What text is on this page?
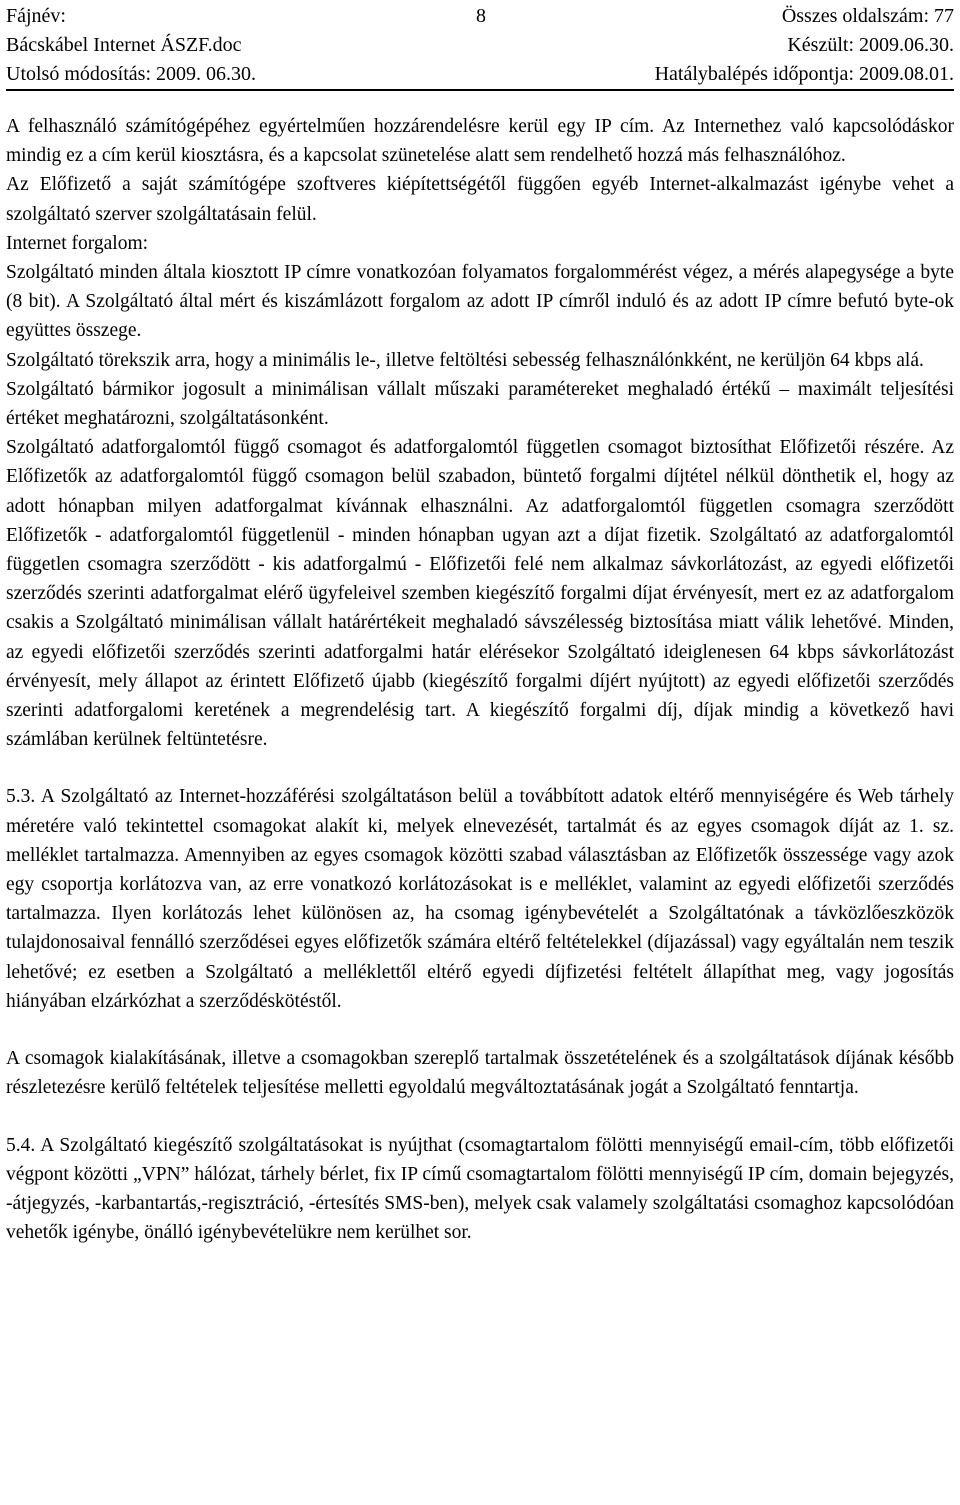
Fájnév:	8	Összes oldalszám: 77
Bácskábel Internet ÁSZF.doc	Készült: 2009.06.30.
Utolsó módosítás: 2009. 06.30.	Hatálybalépés időpontja: 2009.08.01.

A felhasználó számítógépéhez egyértelműen hozzárendelésre kerül egy IP cím. Az Internethez való kapcsolódáskor mindig ez a cím kerül kiosztásra, és a kapcsolat szünetelése alatt sem rendelhető hozzá más felhasználóhoz.

Az Előfizető a saját számítógépe szoftveres kiépítettségétől függően egyéb Internet-alkalmazást igénybe vehet a szolgáltató szerver szolgáltatásain felül.

Internet forgalom:

Szolgáltató minden általa kiosztott IP címre vonatkozóan folyamatos forgalommérést végez, a mérés alapegysége a byte (8 bit). A Szolgáltató által mért és kiszámlázott forgalom az adott IP címről induló és az adott IP címre befutó byte-ok együttes összege.

Szolgáltató törekszik arra, hogy a minimális le-, illetve feltöltési sebesség felhasználónkként, ne kerüljön 64 kbps alá.

Szolgáltató bármikor jogosult a minimálisan vállalt műszaki paramétereket meghaladó értékű – maximált teljesítési értéket meghatározni, szolgáltatásonként.

Szolgáltató adatforgalomtól függő csomagot és adatforgalomtól független csomagot biztosíthat Előfizetői részére. Az Előfizetők az adatforgalomtól függő csomagon belül szabadon, büntető forgalmi díjtétel nélkül dönthetik el, hogy az adott hónapban milyen adatforgalmat kívánnak elhasználni. Az adatforgalomtól független csomagra szerződött Előfizetők - adatforgalomtól függetlenül - minden hónapban ugyan azt a díjat fizetik. Szolgáltató az adatforgalomtól független csomagra szerződött - kis adatforgalmú - Előfizetői felé nem alkalmaz sávkorlátozást, az egyedi előfizetői szerződés szerinti adatforgalmat elérő ügyfeleivel szemben kiegészítő forgalmi díjat érvényesít, mert ez az adatforgalom csakis a Szolgáltató minimálisan vállalt határértékeit meghaladó sávszélesség biztosítása miatt válik lehetővé. Minden, az egyedi előfizetői szerződés szerinti adatforgalmi határ elérésekor Szolgáltató ideiglenesen 64 kbps sávkorlátozást érvényesít, mely állapot az érintett Előfizető újabb (kiegészítő forgalmi díjért nyújtott) az egyedi előfizetői szerződés szerinti adatforgalomi keretének a megrendelésig tart. A kiegészítő forgalmi díj, díjak mindig a következő havi számlában kerülnek feltüntetésre.

5.3. A Szolgáltató az Internet-hozzáférési szolgáltatáson belül a továbbított adatok eltérő mennyiségére és Web tárhely méretére való tekintettel csomagokat alakít ki, melyek elnevezését, tartalmát és az egyes csomagok díját az 1. sz. melléklet tartalmazza. Amennyiben az egyes csomagok közötti szabad választásban az Előfizetők összessége vagy azok egy csoportja korlátozva van, az erre vonatkozó korlátozásokat is e melléklet, valamint az egyedi előfizetői szerződés tartalmazza. Ilyen korlátozás lehet különösen az, ha csomag igénybevételét a Szolgáltatónak a távközlőeszközök tulajdonosaival fennálló szerződései egyes előfizetők számára eltérő feltételekkel (díjazással) vagy egyáltalán nem teszik lehetővé; ez esetben a Szolgáltató a melléklettől eltérő egyedi díjfizetési feltételt állapíthat meg, vagy jogosítás hiányában elzárkózhat a szerződéskötéstől.

A csomagok kialakításának, illetve a csomagokban szereplő tartalmak összetételének és a szolgáltatások díjának később részletezésre kerülő feltételek teljesítése melletti egyoldalú megváltoztatásának jogát a Szolgáltató fenntartja.

5.4. A Szolgáltató kiegészítő szolgáltatásokat is nyújthat (csomagtartalom fölötti mennyiségű email-cím, több előfizetői végpont közötti „VPN” hálózat, tárhely bérlet, fix IP című csomagtartalom fölötti mennyiségű IP cím, domain bejegyzés, -átjegyzés, -karbantartás,-regisztráció, -értesítés SMS-ben), melyek csak valamely szolgáltatási csomaghoz kapcsolódóan vehetők igénybe, önálló igénybevételükre nem kerülhet sor.
